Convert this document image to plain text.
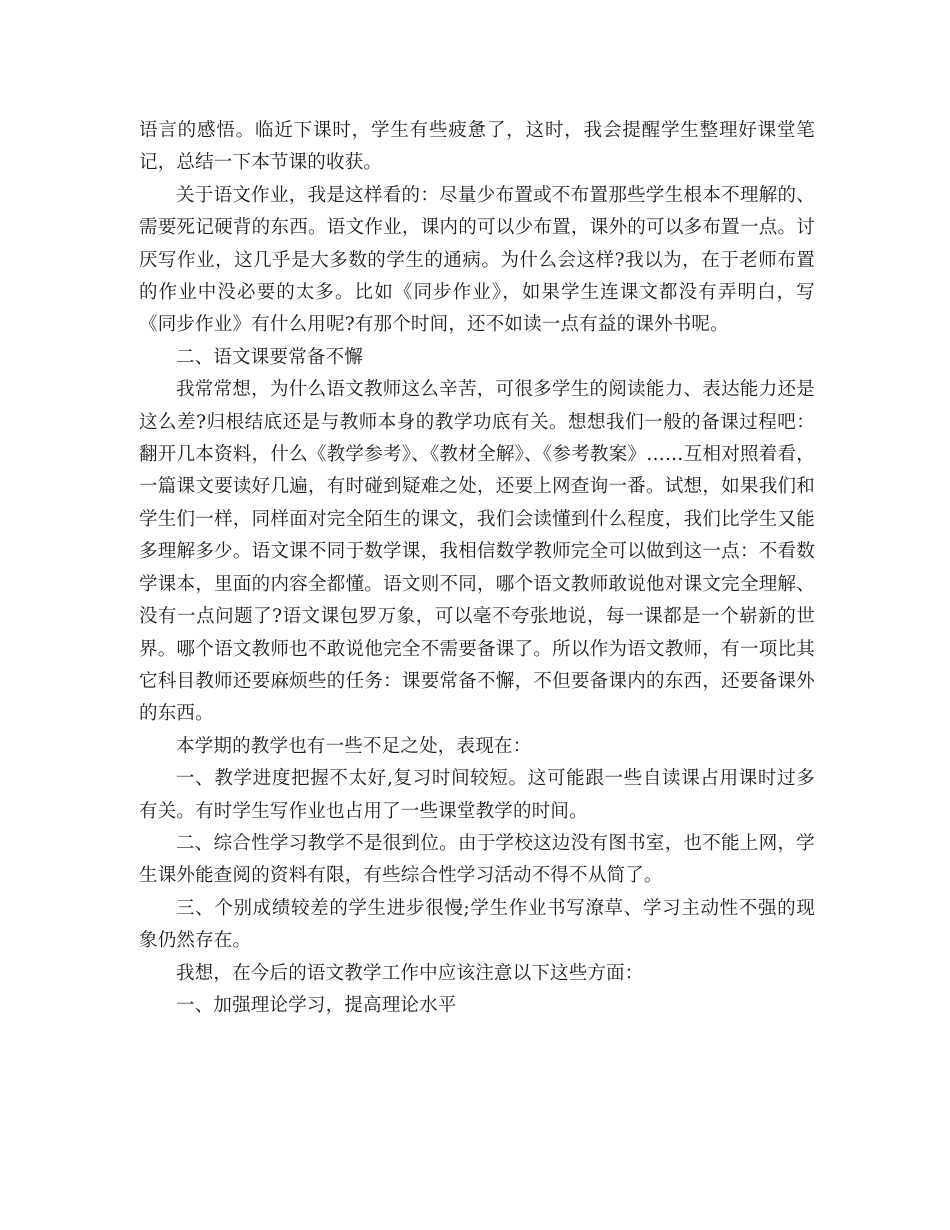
语言的感悟。临近下课时，学生有些疲惫了，这时，我会提醒学生整理好课堂笔记，总结一下本节课的收获。

关于语文作业，我是这样看的：尽量少布置或不布置那些学生根本不理解的、需要死记硬背的东西。语文作业，课内的可以少布置，课外的可以多布置一点。讨厌写作业，这几乎是大多数的学生的通病。为什么会这样?我以为，在于老师布置的作业中没必要的太多。比如《同步作业》，如果学生连课文都没有弄明白，写《同步作业》有什么用呢?有那个时间，还不如读一点有益的课外书呢。

二、语文课要常备不懈

我常常想，为什么语文教师这么辛苦，可很多学生的阅读能力、表达能力还是这么差?归根结底还是与教师本身的教学功底有关。想想我们一般的备课过程吧：翻开几本资料，什么《教学参考》、《教材全解》、《参考教案》……互相对照着看，一篇课文要读好几遍，有时碰到疑难之处，还要上网查询一番。试想，如果我们和学生们一样，同样面对完全陌生的课文，我们会读懂到什么程度，我们比学生又能多理解多少。语文课不同于数学课，我相信数学教师完全可以做到这一点：不看数学课本，里面的内容全都懂。语文则不同，哪个语文教师敢说他对课文完全理解、没有一点问题了?语文课包罗万象，可以毫不夸张地说，每一课都是一个崭新的世界。哪个语文教师也不敢说他完全不需要备课了。所以作为语文教师，有一项比其它科目教师还要麻烦些的任务：课要常备不懈，不但要备课内的东西，还要备课外的东西。

本学期的教学也有一些不足之处，表现在：

一、教学进度把握不太好,复习时间较短。这可能跟一些自读课占用课时过多有关。有时学生写作业也占用了一些课堂教学的时间。

二、综合性学习教学不是很到位。由于学校这边没有图书室，也不能上网，学生课外能查阅的资料有限，有些综合性学习活动不得不从简了。

三、个别成绩较差的学生进步很慢;学生作业书写潦草、学习主动性不强的现象仍然存在。

我想，在今后的语文教学工作中应该注意以下这些方面：

一、加强理论学习，提高理论水平
